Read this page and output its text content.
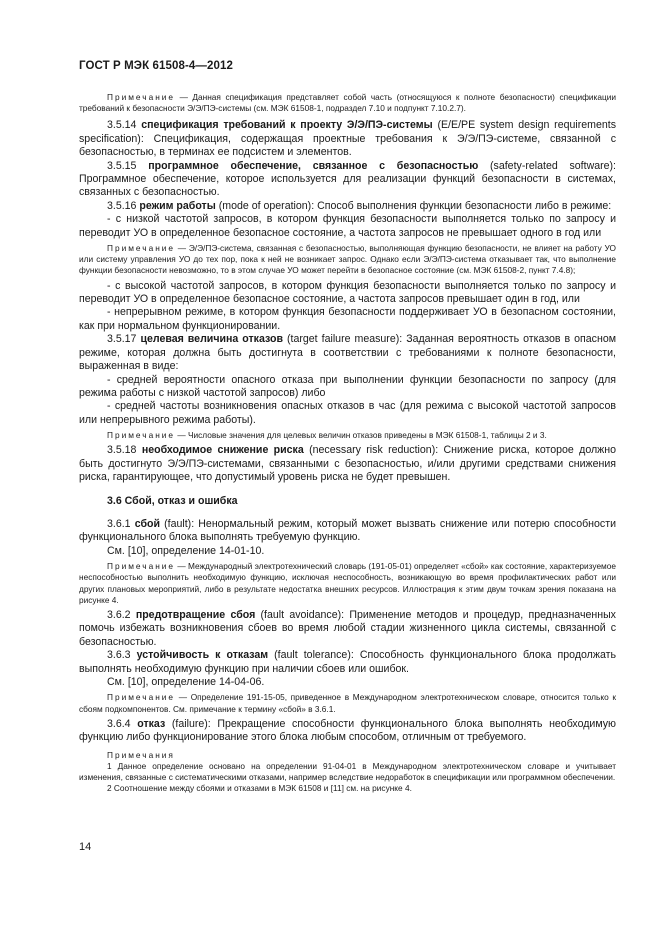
ГОСТ Р МЭК 61508-4—2012

Примечание — Данная спецификация представляет собой часть (относящуюся к полноте безопасности) спецификации требований к безопасности Э/Э/ПЭ-системы (см. МЭК 61508-1, подраздел 7.10 и подпункт 7.10.2.7).

3.5.14 спецификация требований к проекту Э/Э/ПЭ-системы (E/E/PE system design requirements specification): Спецификация, содержащая проектные требования к Э/Э/ПЭ-системе, связанной с безопасностью, в терминах ее подсистем и элементов.

3.5.15 программное обеспечение, связанное с безопасностью (safety-related software): Программное обеспечение, которое используется для реализации функций безопасности в системах, связанных с безопасностью.

3.5.16 режим работы (mode of operation): Способ выполнения функции безопасности либо в режиме:

- с низкой частотой запросов, в котором функция безопасности выполняется только по запросу и переводит УО в определенное безопасное состояние, а частота запросов не превышает одного в год или

Примечание — Э/Э/ПЭ-система, связанная с безопасностью, выполняющая функцию безопасности, не влияет на работу УО или систему управления УО до тех пор, пока к ней не возникает запрос. Однако если Э/Э/ПЭ-система отказывает так, что выполнение функции безопасности невозможно, то в этом случае УО может перейти в безопасное состояние (см. МЭК 61508-2, пункт 7.4.8);

- с высокой частотой запросов, в котором функция безопасности выполняется только по запросу и переводит УО в определенное безопасное состояние, а частота запросов превышает один в год, или

- непрерывном режиме, в котором функция безопасности поддерживает УО в безопасном состоянии, как при нормальном функционировании.

3.5.17 целевая величина отказов (target failure measure): Заданная вероятность отказов в опасном режиме, которая должна быть достигнута в соответствии с требованиями к полноте безопасности, выраженная в виде:

- средней вероятности опасного отказа при выполнении функции безопасности по запросу (для режима работы с низкой частотой запросов) либо

- средней частоты возникновения опасных отказов в час (для режима с высокой частотой запросов или непрерывного режима работы).

Примечание — Числовые значения для целевых величин отказов приведены в МЭК 61508-1, таблицы 2 и 3.

3.5.18 необходимое снижение риска (necessary risk reduction): Снижение риска, которое должно быть достигнуто Э/Э/ПЭ-системами, связанными с безопасностью, и/или другими средствами снижения риска, гарантирующее, что допустимый уровень риска не будет превышен.

3.6 Сбой, отказ и ошибка

3.6.1 сбой (fault): Ненормальный режим, который может вызвать снижение или потерю способности функционального блока выполнять требуемую функцию.

См. [10], определение 14-01-10.

Примечание — Международный электротехнический словарь (191-05-01) определяет «сбой» как состояние, характеризуемое неспособностью выполнить необходимую функцию, исключая неспособность, возникающую во время профилактических работ или других плановых мероприятий, либо в результате недостатка внешних ресурсов. Иллюстрация к этим двум точкам зрения показана на рисунке 4.

3.6.2 предотвращение сбоя (fault avoidance): Применение методов и процедур, предназначенных помочь избежать возникновения сбоев во время любой стадии жизненного цикла системы, связанной с безопасностью.

3.6.3 устойчивость к отказам (fault tolerance): Способность функционального блока продолжать выполнять необходимую функцию при наличии сбоев или ошибок.

См. [10], определение 14-04-06.

Примечание — Определение 191-15-05, приведенное в Международном электротехническом словаре, относится только к сбоям подкомпонентов. См. примечание к термину «сбой» в 3.6.1.

3.6.4 отказ (failure): Прекращение способности функционального блока выполнять необходимую функцию либо функционирование этого блока любым способом, отличным от требуемого.

Примечания

1 Данное определение основано на определении 91-04-01 в Международном электротехническом словаре и учитывает изменения, связанные с систематическими отказами, например вследствие недоработок в спецификации или программном обеспечении.

2 Соотношение между сбоями и отказами в МЭК 61508 и [11] см. на рисунке 4.

14
